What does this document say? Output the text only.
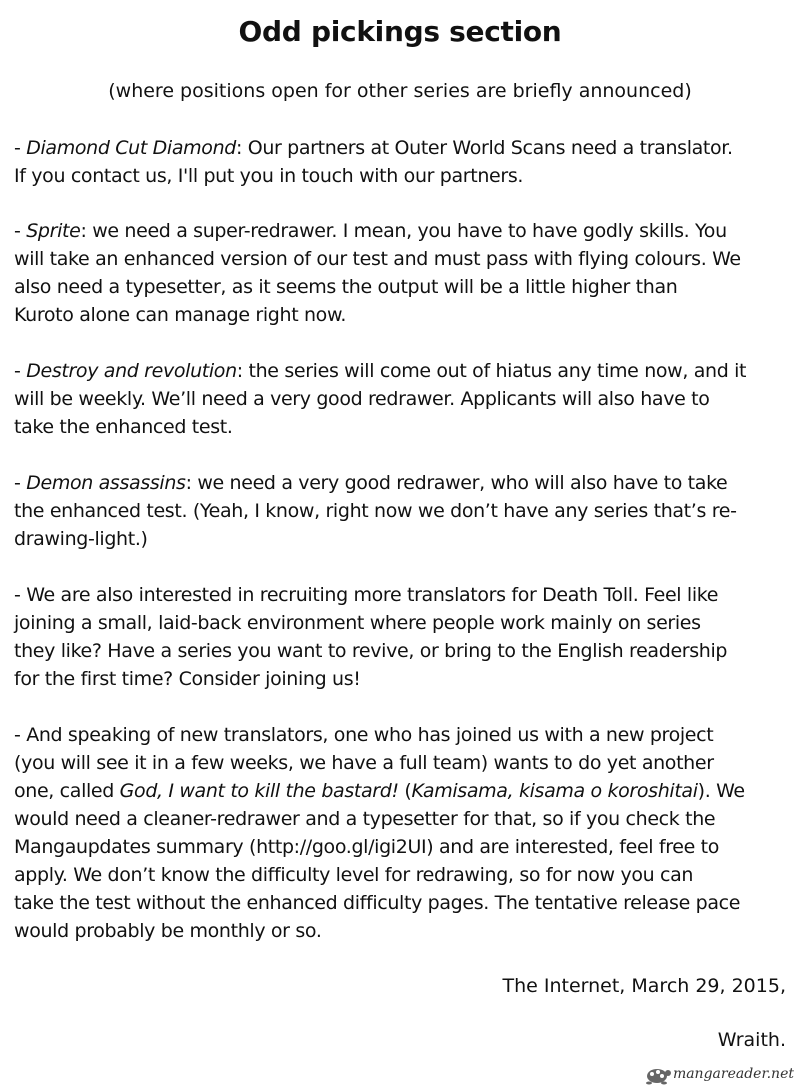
Odd pickings section

(where positions open for other series are briefly announced)

- Diamond Cut Diamond: Our partners at Outer World Scans need a translator.
If you contact us, I'll put you in touch with our partners.
- Sprite: we need a super-redrawer. I mean, you have to have godly skills. You
will take an enhanced version of our test and must pass with flying colours. We
also need a typesetter, as it seems the output will be a little higher than
Kuroto alone can manage right now.
- Destroy and revolution: the series will come out of hiatus any time now, and it
will be weekly. We’ll need a very good redrawer. Applicants will also have to
take the enhanced test.
- Demon assassins: we need a very good redrawer, who will also have to take
the enhanced test. (Yeah, I know, right now we don’t have any series that’s re-
drawing-light.)
- We are also interested in recruiting more translators for Death Toll. Feel like
joining a small, laid-back environment where people work mainly on series
they like? Have a series you want to revive, or bring to the English readership
for the first time? Consider joining us!
- And speaking of new translators, one who has joined us with a new project
(you will see it in a few weeks, we have a full team) wants to do yet another
one, called God, I want to kill the bastard! (Kamisama, kisama o koroshitai). We
would need a cleaner-redrawer and a typesetter for that, so if you check the
Mangaupdates summary (http://goo.gl/igi2UI) and are interested, feel free to
apply. We don’t know the difficulty level for redrawing, so for now you can
take the test without the enhanced difficulty pages. The tentative release pace
would probably be monthly or so.

The Internet, March 29, 2015,

Wraith.

mangareader.net
